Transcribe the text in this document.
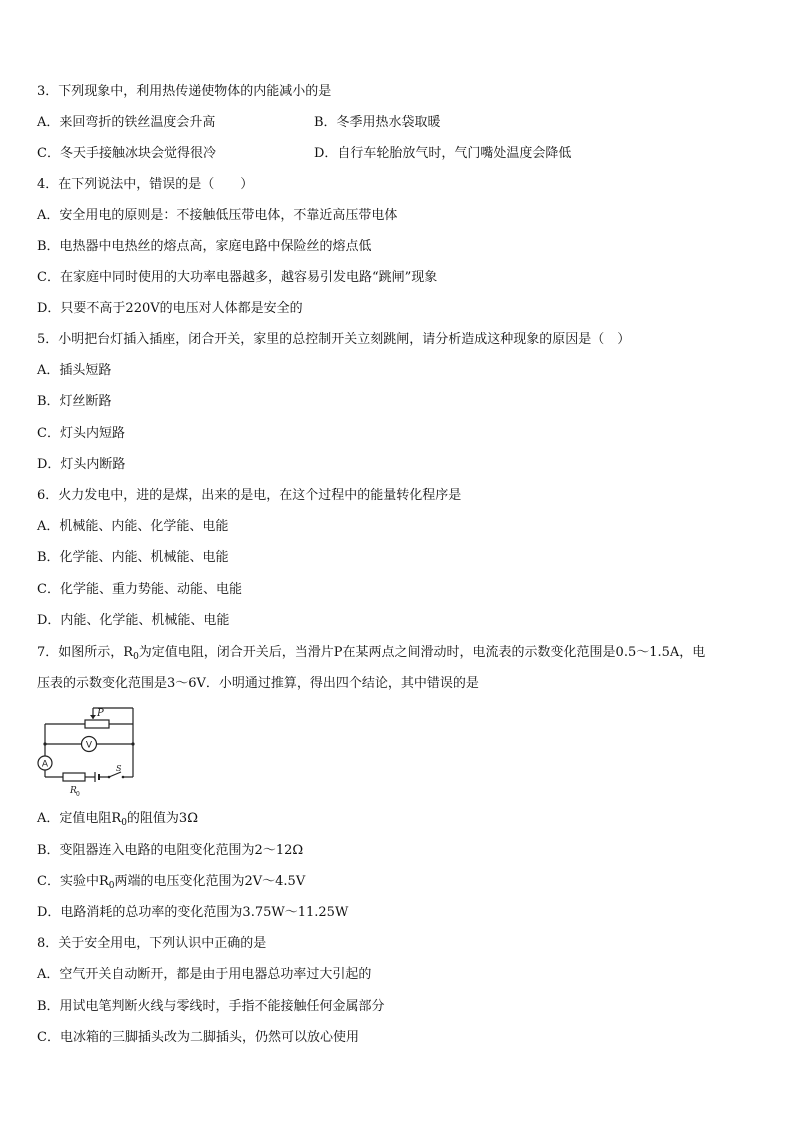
3．下列现象中，利用热传递使物体的内能减小的是
A．来回弯折的铁丝温度会升高	B．冬季用热水袋取暖
C．冬天手接触冰块会觉得很冷	D．自行车轮胎放气时，气门嘴处温度会降低
4．在下列说法中，错误的是（　　）
A．安全用电的原则是：不接触低压带电体，不靠近高压带电体
B．电热器中电热丝的熔点高，家庭电路中保险丝的熔点低
C．在家庭中同时使用的大功率电器越多，越容易引发电路“跳闸”现象
D．只要不高于220V的电压对人体都是安全的
5．小明把台灯插入插座，闭合开关，家里的总控制开关立刻跳闸，请分析造成这种现象的原因是（　）
A．插头短路
B．灯丝断路
C．灯头内短路
D．灯头内断路
6．火力发电中，进的是煤，出来的是电，在这个过程中的能量转化程序是
A．机械能、内能、化学能、电能
B．化学能、内能、机械能、电能
C．化学能、重力势能、动能、电能
D．内能、化学能、机械能、电能
7．如图所示，$R_0$为定值电阻，闭合开关后，当滑片P在某两点之间滑动时，电流表的示数变化范围是0.5～1.5A，电
压表的示数变化范围是3～6V．小明通过推算，得出四个结论，其中错误的是
P
V
A	S
R 0
A．定值电阻$R_0$的阻值为3Ω
B．变阻器连入电路的电阻变化范围为2～12Ω
C．实验中$R_0$两端的电压变化范围为2V～4.5V
D．电路消耗的总功率的变化范围为3.75W～11.25W
8．关于安全用电，下列认识中正确的是
A．空气开关自动断开，都是由于用电器总功率过大引起的
B．用试电笔判断火线与零线时，手指不能接触任何金属部分
C．电冰箱的三脚插头改为二脚插头，仍然可以放心使用
